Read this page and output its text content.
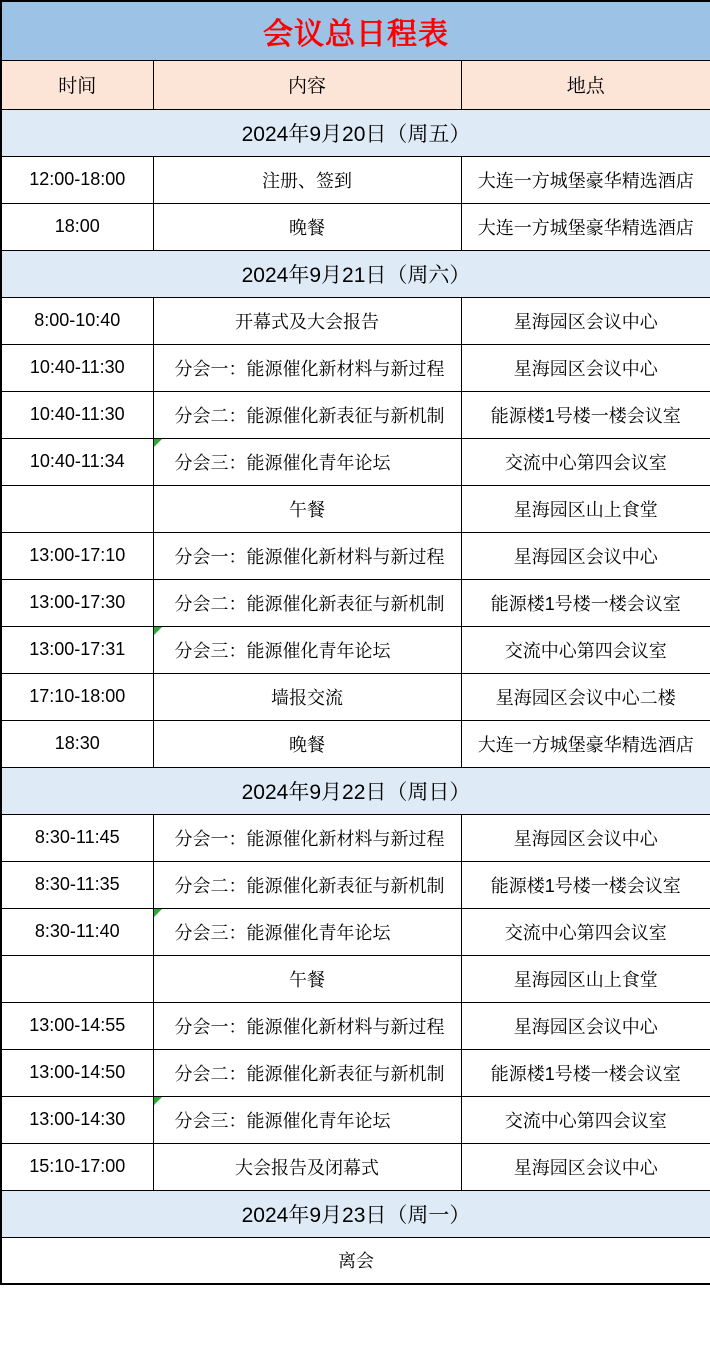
会议总日程表		
时间	内容	地点
2024年9月20日（周五）		
12:00-18:00	注册、签到	大连一方城堡豪华精选酒店
18:00	晚餐	大连一方城堡豪华精选酒店
2024年9月21日（周六）		
8:00-10:40	开幕式及大会报告	星海园区会议中心
10:40-11:30	分会一：能源催化新材料与新过程	星海园区会议中心
10:40-11:30	分会二：能源催化新表征与新机制	能源楼1号楼一楼会议室
10:40-11:34	分会三：能源催化青年论坛	交流中心第四会议室
	午餐	星海园区山上食堂
13:00-17:10	分会一：能源催化新材料与新过程	星海园区会议中心
13:00-17:30	分会二：能源催化新表征与新机制	能源楼1号楼一楼会议室
13:00-17:31	分会三：能源催化青年论坛	交流中心第四会议室
17:10-18:00	墙报交流	星海园区会议中心二楼
18:30	晚餐	大连一方城堡豪华精选酒店
2024年9月22日（周日）		
8:30-11:45	分会一：能源催化新材料与新过程	星海园区会议中心
8:30-11:35	分会二：能源催化新表征与新机制	能源楼1号楼一楼会议室
8:30-11:40	分会三：能源催化青年论坛	交流中心第四会议室
	午餐	星海园区山上食堂
13:00-14:55	分会一：能源催化新材料与新过程	星海园区会议中心
13:00-14:50	分会二：能源催化新表征与新机制	能源楼1号楼一楼会议室
13:00-14:30	分会三：能源催化青年论坛	交流中心第四会议室
15:10-17:00	大会报告及闭幕式	星海园区会议中心
2024年9月23日（周一）		
离会		
